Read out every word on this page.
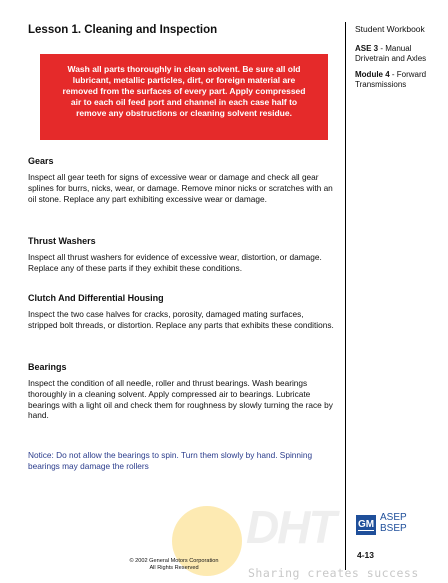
Lesson 1. Cleaning and Inspection	Student Workbook

ASE 3 - Manual Drivetrain and Axles

Module 4 - Forward Transmissions

Wash all parts thoroughly in clean solvent. Be sure all old lubricant, metallic particles, dirt, or foreign material are removed from the surfaces of every part. Apply compressed air to each oil feed port and channel in each case half to remove any obstructions or cleaning solvent residue.
Gears

Inspect all gear teeth for signs of excessive wear or damage and check all gear splines for burrs, nicks, wear, or damage. Remove minor nicks or scratches with an oil stone. Replace any part exhibiting excessive wear or damage.

Thrust Washers

Inspect all thrust washers for evidence of excessive wear, distortion, or damage. Replace any of these parts if they exhibit these conditions.

Clutch And Differential Housing

Inspect the two case halves for cracks, porosity, damaged mating surfaces, stripped bolt threads, or distortion. Replace any parts that exhibits these conditions.

Bearings

Inspect the condition of all needle, roller and thrust bearings. Wash bearings thoroughly in a cleaning solvent. Apply compressed air to bearings. Lubricate bearings with a light oil and check them for roughness by slowly turning the race by hand.

Notice: Do not allow the bearings to spin. Turn them slowly by hand. Spinning bearings may damage the rollers

DHT

Sharing creates success

GM
ASEP
BSEP

4-13

© 2002 General Motors Corporation
All Rights Reserved
